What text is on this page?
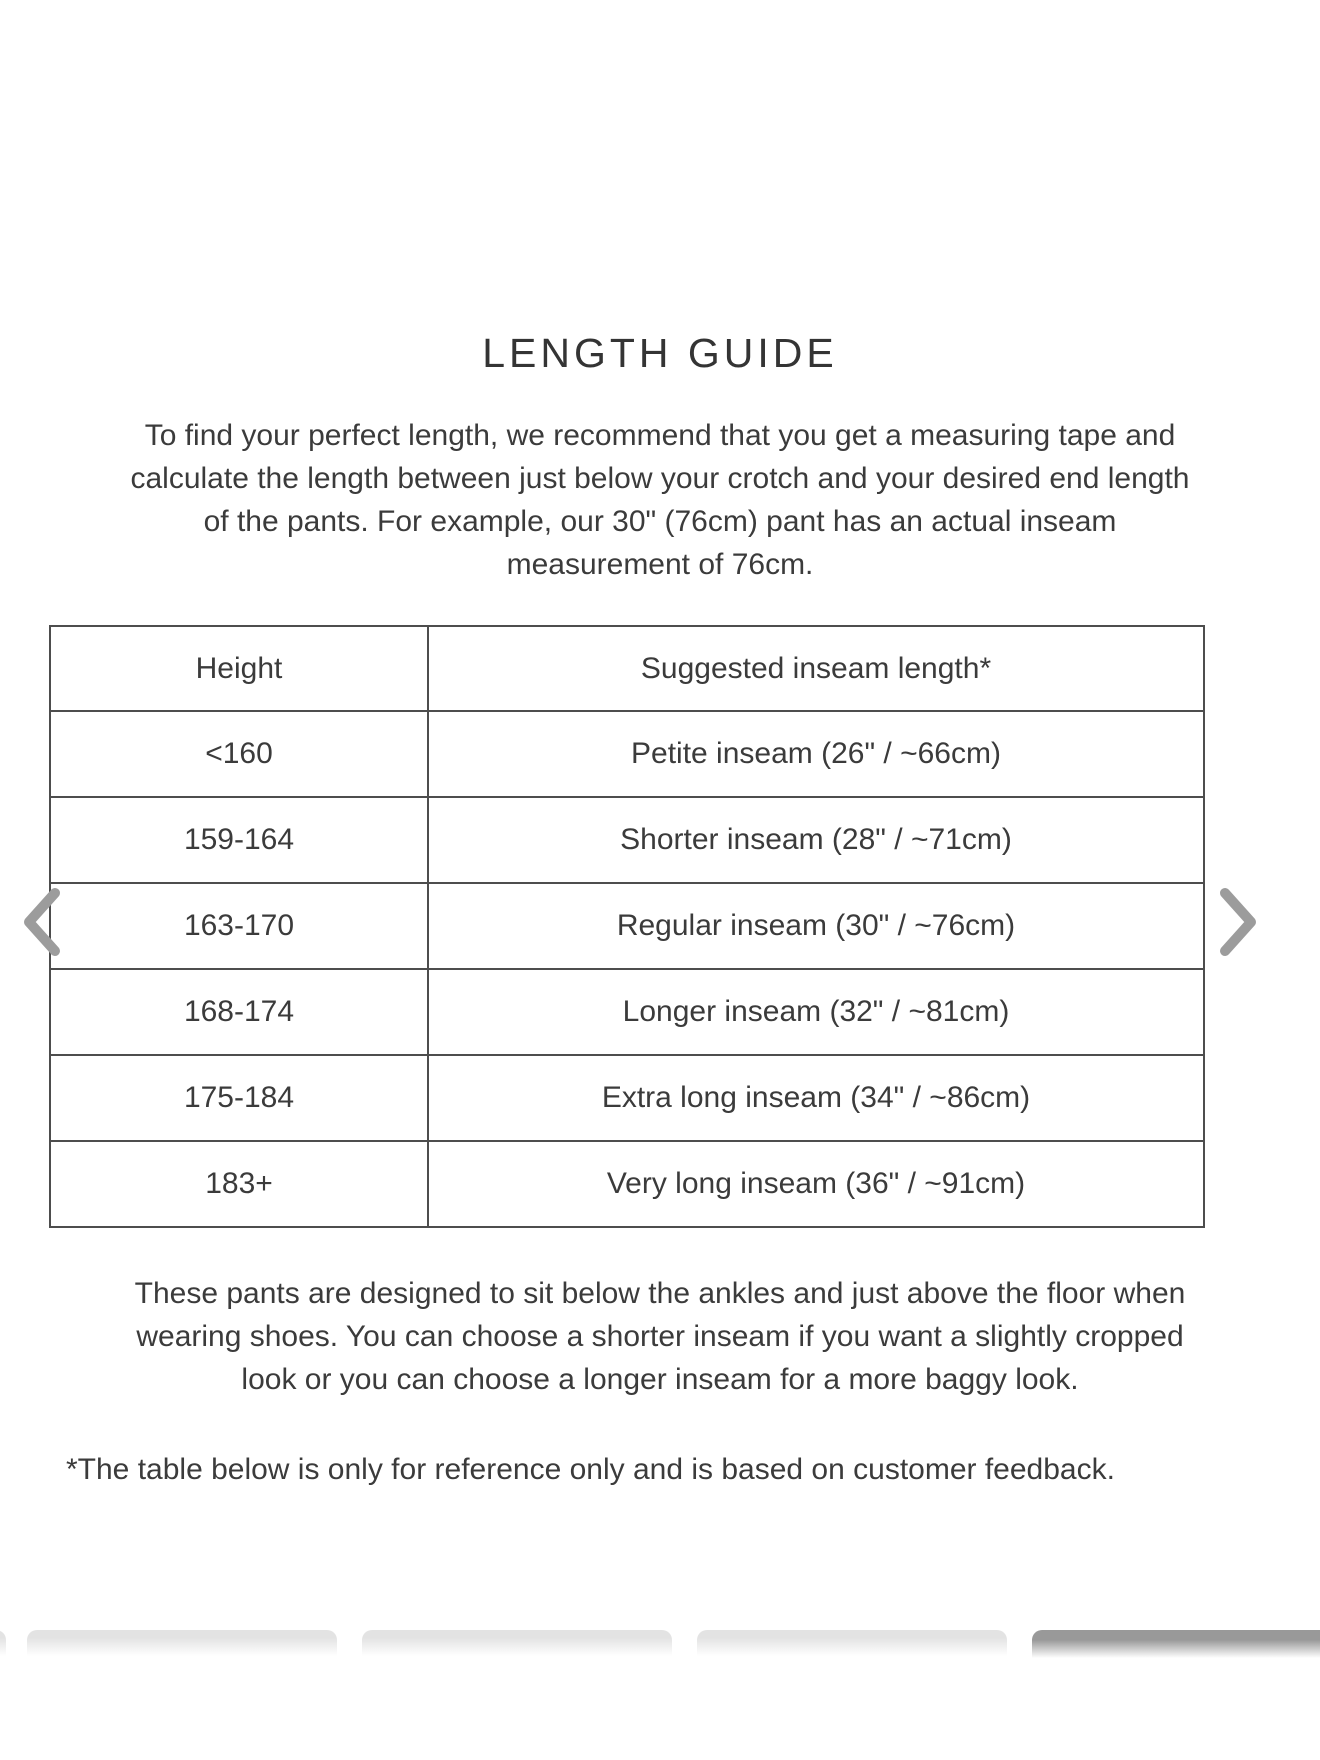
LENGTH GUIDE
To find your perfect length, we recommend that you get a measuring tape and
calculate the length between just below your crotch and your desired end length
of the pants. For example, our 30" (76cm) pant has an actual inseam
measurement of 76cm.
Height	Suggested inseam length*
<160	Petite inseam (26" / ~66cm)
159-164	Shorter inseam (28" / ~71cm)
163-170	Regular inseam (30" / ~76cm)
168-174	Longer inseam (32" / ~81cm)
175-184	Extra long inseam (34" / ~86cm)
183+	Very long inseam (36" / ~91cm)
These pants are designed to sit below the ankles and just above the floor when
wearing shoes. You can choose a shorter inseam if you want a slightly cropped
look or you can choose a longer inseam for a more baggy look.
*The table below is only for reference only and is based on customer feedback.
